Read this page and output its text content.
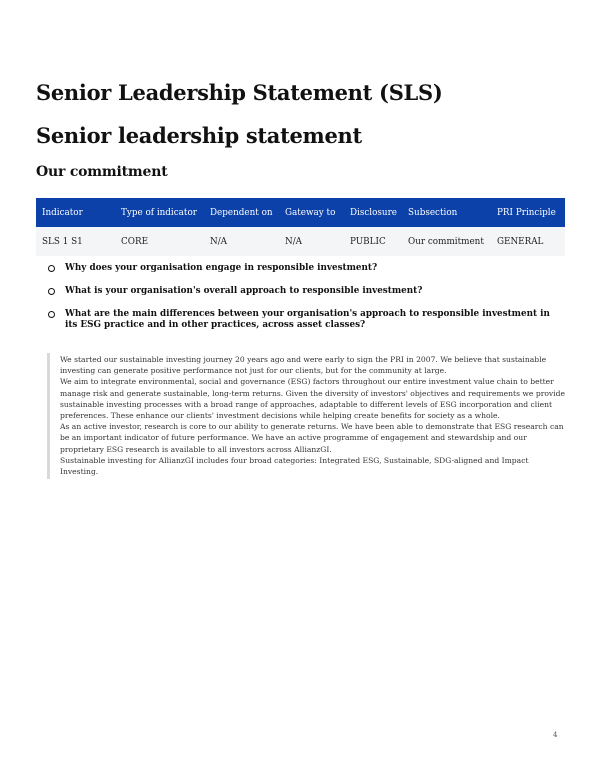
Senior Leadership Statement (SLS)
Senior leadership statement
Our commitment
Indicator	Type of indicator	Dependent on	Gateway to	Disclosure	Subsection	PRI Principle
SLS 1 S1	CORE	N/A	N/A	PUBLIC	Our commitment	GENERAL
Why does your organisation engage in responsible investment?
What is your organisation's overall approach to responsible investment?
What are the main differences between your organisation's approach to responsible investment in its ESG practice and in other practices, across asset classes?

We started our sustainable investing journey 20 years ago and were early to sign the PRI in 2007. We believe that sustainable investing can generate positive performance not just for our clients, but for the community at large.

We aim to integrate environmental, social and governance (ESG) factors throughout our entire investment value chain to better manage risk and generate sustainable, long-term returns. Given the diversity of investors' objectives and requirements we provide sustainable investing processes with a broad range of approaches, adaptable to different levels of ESG incorporation and client preferences. These enhance our clients' investment decisions while helping create benefits for society as a whole.

As an active investor, research is core to our ability to generate returns. We have been able to demonstrate that ESG research can be an important indicator of future performance. We have an active programme of engagement and stewardship and our proprietary ESG research is available to all investors across AllianzGI.

Sustainable investing for AllianzGI includes four broad categories: Integrated ESG, Sustainable, SDG-aligned and Impact Investing.

4
